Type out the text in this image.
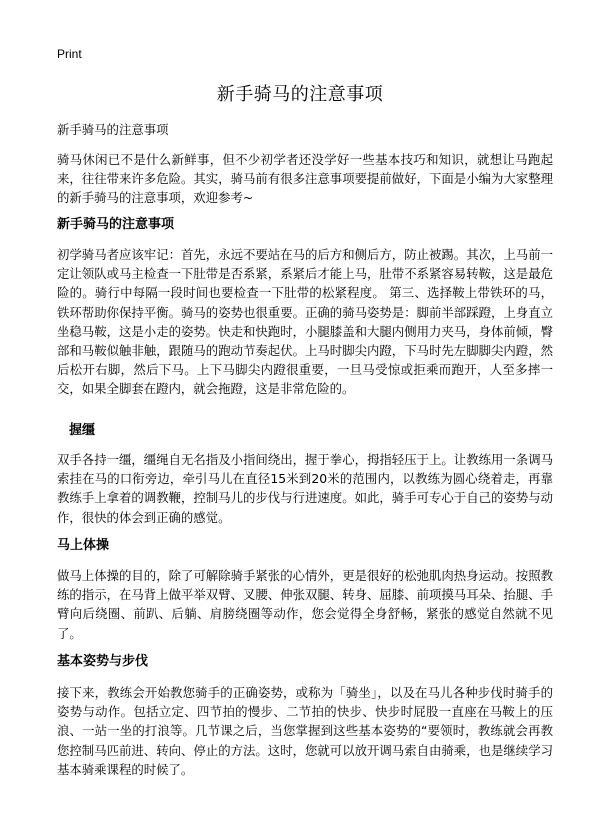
Print
新手骑马的注意事项

新手骑马的注意事项

骑马休闲已不是什么新鲜事，但不少初学者还没学好一些基本技巧和知识，就想让马跑起来，往往带来许多危险。其实，骑马前有很多注意事项要提前做好，下面是小编为大家整理的新手骑马的注意事项，欢迎参考~

新手骑马的注意事项

初学骑马者应该牢记：首先，永远不要站在马的后方和侧后方，防止被踢。其次，上马前一定让领队或马主检查一下肚带是否系紧，系紧后才能上马，肚带不系紧容易转鞍，这是最危险的。骑行中每隔一段时间也要检查一下肚带的松紧程度。 第三、选择鞍上带铁环的马，铁环帮助你保持平衡。骑马的姿势也很重要。正确的骑马姿势是：脚前半部踩蹬，上身直立坐稳马鞍，这是小走的姿势。快走和快跑时，小腿膝盖和大腿内侧用力夹马，身体前倾，臀部和马鞍似触非触，跟随马的跑动节奏起伏。上马时脚尖内蹬，下马时先左脚脚尖内蹬，然后松开右脚，然后下马。上下马脚尖内蹬很重要，一旦马受惊或拒乘而跑开，人至多摔一交，如果全脚套在蹬内，就会拖蹬，这是非常危险的。

握缰

双手各持一缰，缰绳自无名指及小指间绕出，握于拳心，拇指轻压于上。让教练用一条调马索挂在马的口衔旁边，牵引马儿在直径15米到20米的范围内，以教练为圆心绕着走，再靠教练手上拿着的调教鞭，控制马儿的步伐与行进速度。如此，骑手可专心于自己的姿势与动作，很快的体会到正确的感觉。

马上体操

做马上体操的目的，除了可解除骑手紧张的心情外，更是很好的松弛肌肉热身运动。按照教练的指示，在马背上做平举双臂、叉腰、伸张双腿、转身、屈膝、前项摸马耳朵、抬腿、手臂向后绕圈、前趴、后躺、肩膀绕圈等动作，您会觉得全身舒畅，紧张的感觉自然就不见了。

基本姿势与步伐

接下来，教练会开始教您骑手的正确姿势，或称为「骑坐」，以及在马儿各种步伐时骑手的姿势与动作。包括立定、四节拍的慢步、二节拍的快步、快步时屁股一直座在马鞍上的压浪、一站一坐的打浪等。几节课之后，当您掌握到这些基本姿势的“要领时，教练就会再教您控制马匹前进、转向、停止的方法。这时，您就可以放开调马索自由骑乘，也是继续学习基本骑乘课程的时候了。
